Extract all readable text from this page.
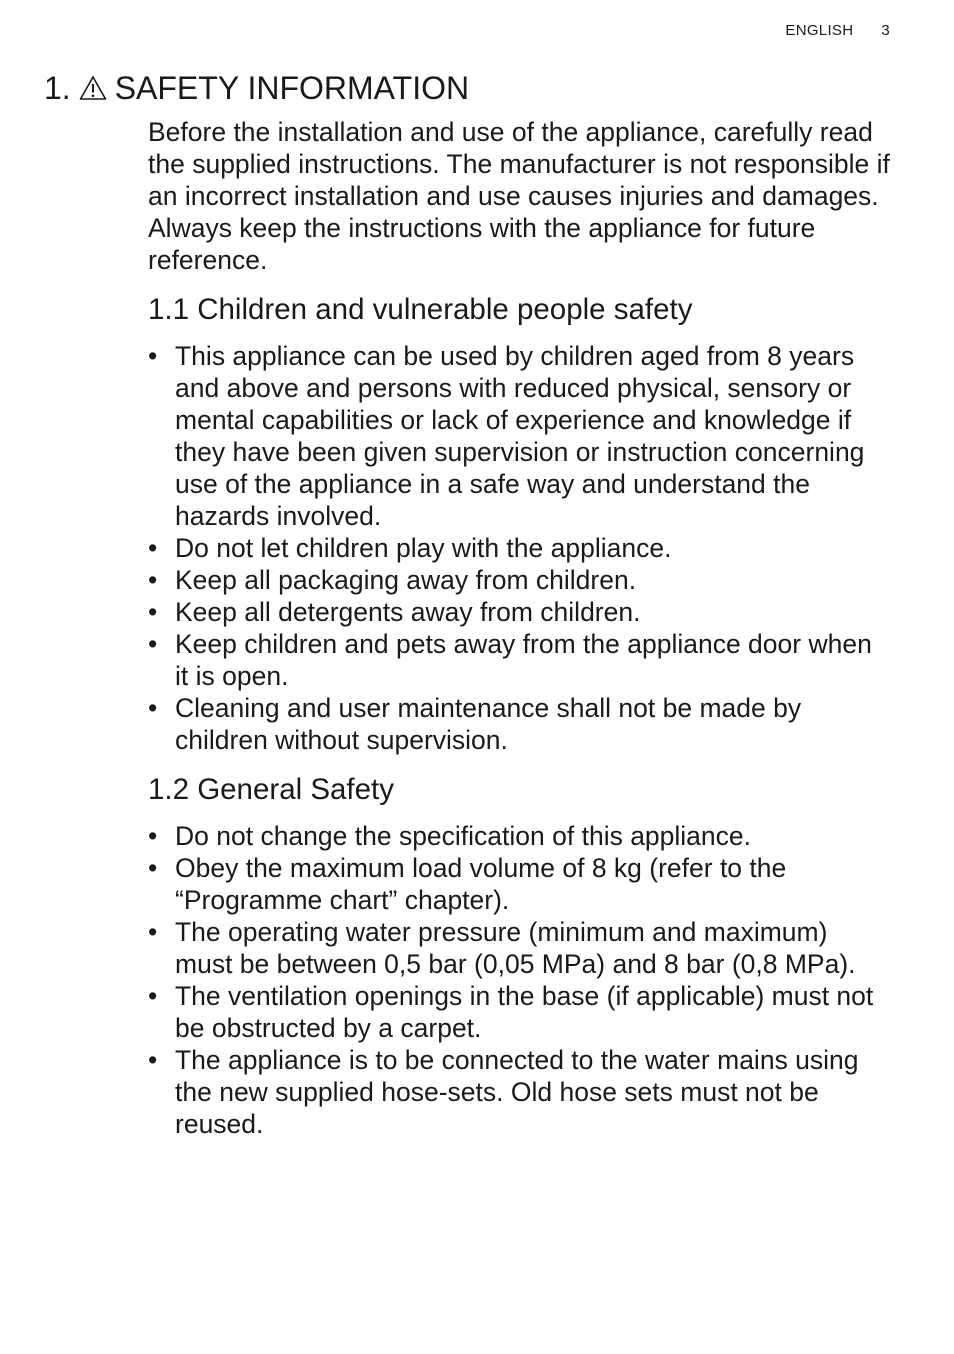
ENGLISH 3
1. SAFETY INFORMATION

Before the installation and use of the appliance, carefully read the supplied instructions. The manufacturer is not responsible if an incorrect installation and use causes injuries and damages. Always keep the instructions with the appliance for future reference.

1.1 Children and vulnerable people safety
• This appliance can be used by children aged from 8 years and above and persons with reduced physical, sensory or mental capabilities or lack of experience and knowledge if they have been given supervision or instruction concerning use of the appliance in a safe way and understand the hazards involved.
• Do not let children play with the appliance.
• Keep all packaging away from children.
• Keep all detergents away from children.
• Keep children and pets away from the appliance door when it is open.
• Cleaning and user maintenance shall not be made by children without supervision.
1.2 General Safety
• Do not change the specification of this appliance.
• Obey the maximum load volume of 8 kg (refer to the “Programme chart” chapter).
• The operating water pressure (minimum and maximum) must be between 0,5 bar (0,05 MPa) and 8 bar (0,8 MPa).
• The ventilation openings in the base (if applicable) must not be obstructed by a carpet.
• The appliance is to be connected to the water mains using the new supplied hose-sets. Old hose sets must not be reused.
